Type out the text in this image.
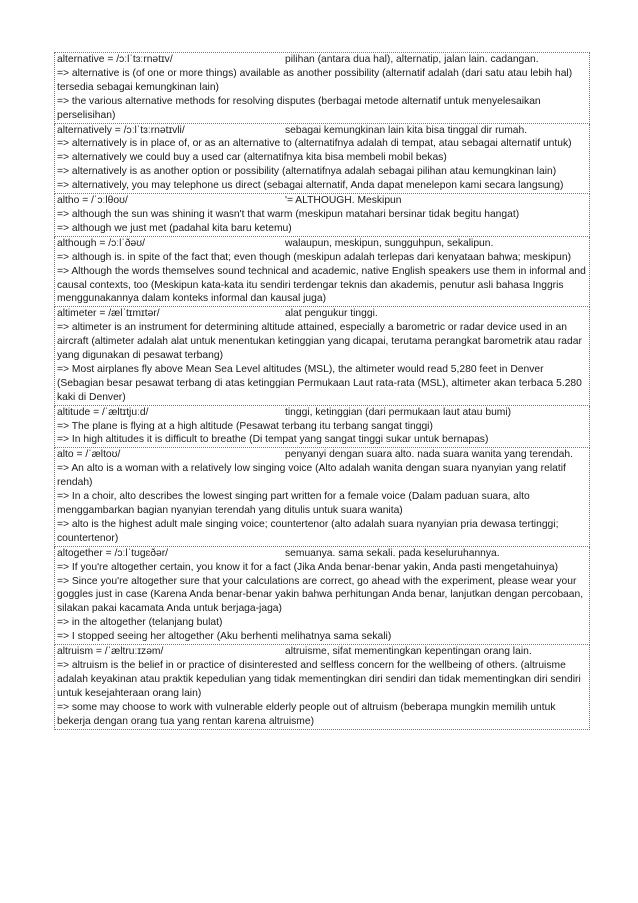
alternative = /ɔːlˈtɜːrnətɪv/	pilihan (antara dua hal), alternatip, jalan lain. cadangan.
=> alternative is (of one or more things) available as another possibility (alternatif adalah (dari satu atau lebih hal) tersedia sebagai kemungkinan lain)
=> the various alternative methods for resolving disputes (berbagai metode alternatif untuk menyelesaikan perselisihan)
alternatively = /ɔːlˈtɜːrnətɪvli/	sebagai kemungkinan lain kita bisa tinggal dir rumah.
=> alternatively is in place of, or as an alternative to (alternatifnya adalah di tempat, atau sebagai alternatif untuk)
=> alternatively we could buy a used car (alternatifnya kita bisa membeli mobil bekas)
=> alternatively is as another option or possibility (alternatifnya adalah sebagai pilihan atau kemungkinan lain)
=> alternatively, you may telephone us direct (sebagai alternatif, Anda dapat menelepon kami secara langsung)
altho = /ˈɔːlθoʊ/	'= ALTHOUGH. Meskipun
=> although the sun was shining it wasn't that warm (meskipun matahari bersinar tidak begitu hangat)
=> although we just met (padahal kita baru ketemu)
although = /ɔːlˈðəʊ/	walaupun, meskipun, sungguhpun, sekalipun.
=> although is. in spite of the fact that; even though (meskipun adalah terlepas dari kenyataan bahwa; meskipun)
=> Although the words themselves sound technical and academic, native English speakers use them in informal and causal contexts, too (Meskipun kata-kata itu sendiri terdengar teknis dan akademis, penutur asli bahasa Inggris menggunakannya dalam konteks informal dan kausal juga)
altimeter = /ælˈtɪmɪtər/	alat pengukur tinggi.
=> altimeter is an instrument for determining altitude attained, especially a barometric or radar device used in an aircraft (altimeter adalah alat untuk menentukan ketinggian yang dicapai, terutama perangkat barometrik atau radar yang digunakan di pesawat terbang)
=> Most airplanes fly above Mean Sea Level altitudes (MSL), the altimeter would read 5,280 feet in Denver (Sebagian besar pesawat terbang di atas ketinggian Permukaan Laut rata-rata (MSL), altimeter akan terbaca 5.280 kaki di Denver)
altitude = /ˈæltɪtjuːd/	tinggi, ketinggian (dari permukaan laut atau bumi)
=> The plane is flying at a high altitude (Pesawat terbang itu terbang sangat tinggi)
=> In high altitudes it is difficult to breathe (Di tempat yang sangat tinggi sukar untuk bernapas)
alto = /ˈæltoʊ/	penyanyi dengan suara alto. nada suara wanita yang terendah.
=> An alto is a woman with a relatively low singing voice (Alto adalah wanita dengan suara nyanyian yang relatif rendah)
=> In a choir, alto describes the lowest singing part written for a female voice (Dalam paduan suara, alto menggambarkan bagian nyanyian terendah yang ditulis untuk suara wanita)
=> alto is the highest adult male singing voice; countertenor (alto adalah suara nyanyian pria dewasa tertinggi; countertenor)
altogether = /ɔːlˈtʊgɛðər/	semuanya. sama sekali. pada keseluruhannya.
=> If you're altogether certain, you know it for a fact (Jika Anda benar-benar yakin, Anda pasti mengetahuinya)
=> Since you're altogether sure that your calculations are correct, go ahead with the experiment, please wear your goggles just in case (Karena Anda benar-benar yakin bahwa perhitungan Anda benar, lanjutkan dengan percobaan, silakan pakai kacamata Anda untuk berjaga-jaga)
=> in the altogether (telanjang bulat)
=> I stopped seeing her altogether (Aku berhenti melihatnya sama sekali)
altruism = /ˈæltruːɪzəm/	altruisme, sifat mementingkan kepentingan orang lain.
=> altruism is the belief in or practice of disinterested and selfless concern for the wellbeing of others. (altruisme adalah keyakinan atau praktik kepedulian yang tidak mementingkan diri sendiri dan tidak mementingkan diri sendiri untuk kesejahteraan orang lain)
=> some may choose to work with vulnerable elderly people out of altruism (beberapa mungkin memilih untuk bekerja dengan orang tua yang rentan karena altruisme)
